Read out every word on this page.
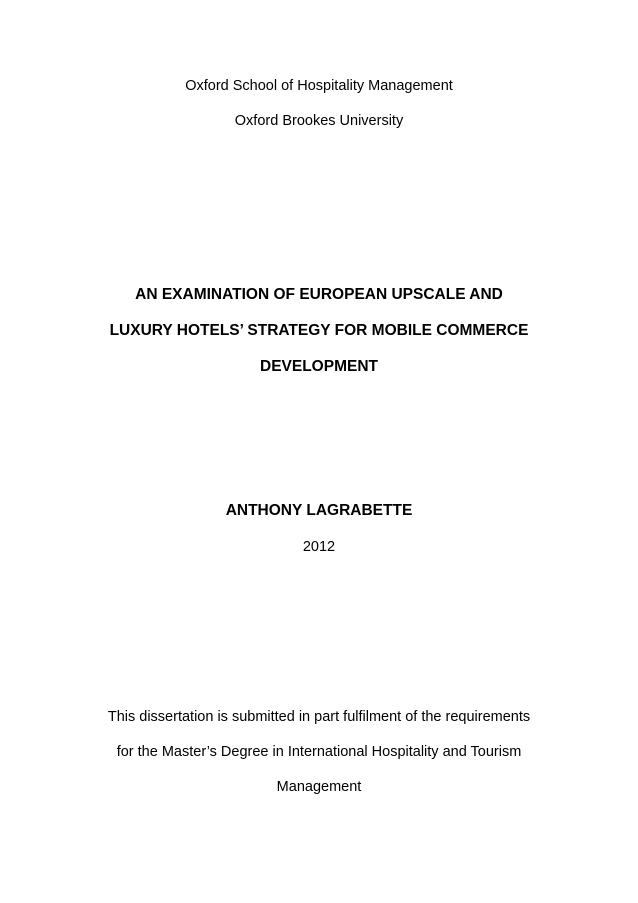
Oxford School of Hospitality Management
Oxford Brookes University
AN EXAMINATION OF EUROPEAN UPSCALE AND
LUXURY HOTELS’ STRATEGY FOR MOBILE COMMERCE
DEVELOPMENT
ANTHONY LAGRABETTE
2012
This dissertation is submitted in part fulfilment of the requirements
for the Master’s Degree in International Hospitality and Tourism
Management
